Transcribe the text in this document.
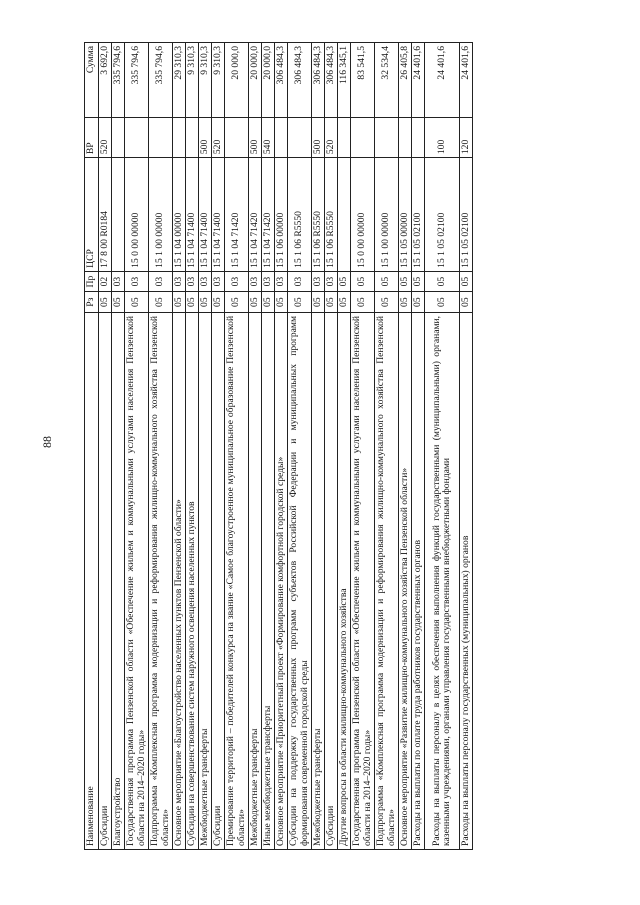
88
Наименование	Рз	Пр	ЦСР	ВР	Сумма
Субсидии	05	02	17 8 00 R0184	520	3 692,0
Благоустройство	05	03			335 794,6
Государственная программа Пензенской области «Обеспечение жильем и коммунальными услугами населения Пензенской области на 2014–2020 годы»	05	03	15 0 00 00000		335 794,6
Подпрограмма «Комплексная программа модернизации и реформирования жилищно-коммунального хозяйства Пензенской области»	05	03	15 1 00 00000		335 794,6
Основное мероприятие «Благоустройство населенных пунктов Пензенской области»	05	03	15 1 04 00000		29 310,3
Субсидии на совершенствование систем наружного освещения населенных пунктов	05	03	15 1 04 71400		9 310,3
Межбюджетные трансферты	05	03	15 1 04 71400	500	9 310,3
Субсидии	05	03	15 1 04 71400	520	9 310,3
Премирование территорий – победителей конкурса на звание «Самое благоустроенное муниципальное образование Пензенской области»	05	03	15 1 04 71420		20 000,0
Межбюджетные трансферты	05	03	15 1 04 71420	500	20 000,0
Иные межбюджетные трансферты	05	03	15 1 04 71420	540	20 000,0
Основное мероприятие «Приоритетный проект «Формирование комфортной городской среды»	05	03	15 1 06 00000		306 484,3
Субсидии на поддержку государственных программ субъектов Российской Федерации и муниципальных программ формирования современной городской среды	05	03	15 1 06 R5550		306 484,3
Межбюджетные трансферты	05	03	15 1 06 R5550	500	306 484,3
Субсидии	05	03	15 1 06 R5550	520	306 484,3
Другие вопросы в области жилищно-коммунального хозяйства	05	05			116 345,1
Государственная программа Пензенской области «Обеспечение жильем и коммунальными услугами населения Пензенской области на 2014–2020 годы»	05	05	15 0 00 00000		83 541,5
Подпрограмма «Комплексная программа модернизации и реформирования жилищно-коммунального хозяйства Пензенской области»	05	05	15 1 00 00000		32 534,4
Основное мероприятие «Развитие жилищно-коммунального хозяйства Пензенской области»	05	05	15 1 05 00000		26 405,8
Расходы на выплаты по оплате труда работников государственных органов	05	05	15 1 05 02100		24 401,6
Расходы на выплаты персоналу в целях обеспечения выполнения функций государственными (муниципальными) органами, казенными учреждениями, органами управления государственными внебюджетными фондами	05	05	15 1 05 02100	100	24 401,6
Расходы на выплаты персоналу государственных (муниципальных) органов	05	05	15 1 05 02100	120	24 401,6
